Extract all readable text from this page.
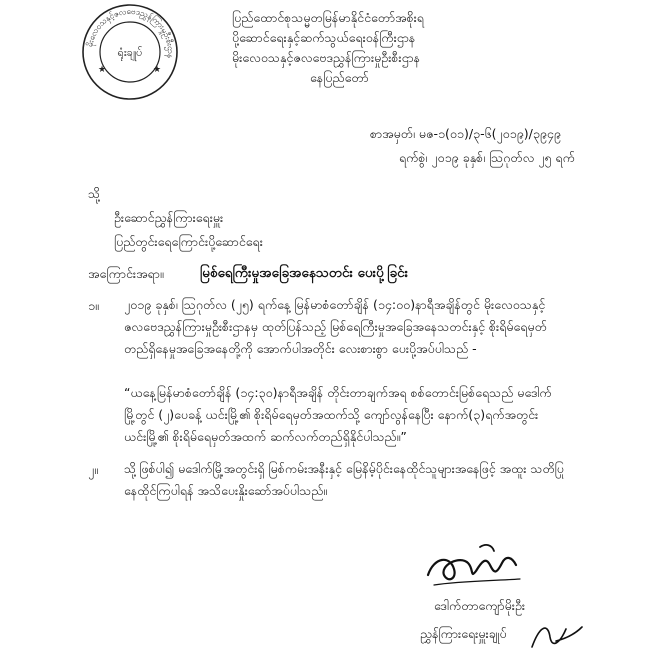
မိုးလေဝသနှင့်ဇလဗေဒညွှန်ကြားမှုဦးစီးဌာန
ရုံးချုပ်
★	★
ပြည်ထောင်စုသမ္မတမြန်မာနိုင်ငံတော်အစိုးရ
ပို့ဆောင်ရေးနှင့်ဆက်သွယ်ရေးဝန်ကြီးဌာန
မိုးလေဝသနှင့်ဇလဗေဒညွှန်ကြားမှုဦးစီးဌာန
နေပြည်တော်
စာအမှတ်၊ မဇ-၁(၀၁)/၃-၆(၂၀၁၉)/၃၉၄၉
ရက်စွဲ၊ ၂၀၁၉ ခုနှစ်၊ ဩဂုတ်လ ၂၅ ရက်
သို့
ဦးဆောင်ညွှန်ကြားရေးမှူး
ပြည်တွင်းရေကြောင်းပို့ဆောင်ရေး
အကြောင်းအရာ။	မြစ်ရေကြီးမှုအခြေအနေသတင်း ပေးပို့ခြင်း
၁။ ၂၀၁၉ ခုနှစ်၊ ဩဂုတ်လ (၂၅) ရက်နေ့ မြန်မာစံတော်ချိန် (၁၄:၀၀)နာရီအချိန်တွင် မိုးလေဝသနှင့် ဇလဗေဒညွှန်ကြားမှုဦးစီးဌာနမှ ထုတ်ပြန်သည့် မြစ်ရေကြီးမှုအခြေအနေသတင်းနှင့် စိုးရိမ်ရေမှတ် တည်ရှိနေမှုအခြေအနေတို့ကို အောက်ပါအတိုင်း လေးစားစွာ ပေးပို့အပ်ပါသည် -
“ယနေ့မြန်မာစံတော်ချိန် (၁၄:၃၀)နာရီအချိန် တိုင်းတာချက်အရ စစ်တောင်းမြစ်ရေသည် မဒေါက် မြို့တွင် (၂)ပေခန့် ယင်းမြို့၏ စိုးရိမ်ရေမှတ်အထက်သို့ ကျော်လွန်နေပြီး နောက်(၃)ရက်အတွင်း ယင်းမြို့၏ စိုးရိမ်ရေမှတ်အထက် ဆက်လက်တည်ရှိနိုင်ပါသည်။”
၂။ သို့ဖြစ်ပါ၍ မဒေါက်မြို့အတွင်းရှိ မြစ်ကမ်းအနီးနှင့် မြေနိမ့်ပိုင်းနေထိုင်သူများအနေဖြင့် အထူး သတိပြုနေထိုင်ကြပါရန် အသိပေးနှိုးဆော်အပ်ပါသည်။
ဒေါက်တာကျော်မိုးဦး
ညွှန်ကြားရေးမှူးချုပ်
